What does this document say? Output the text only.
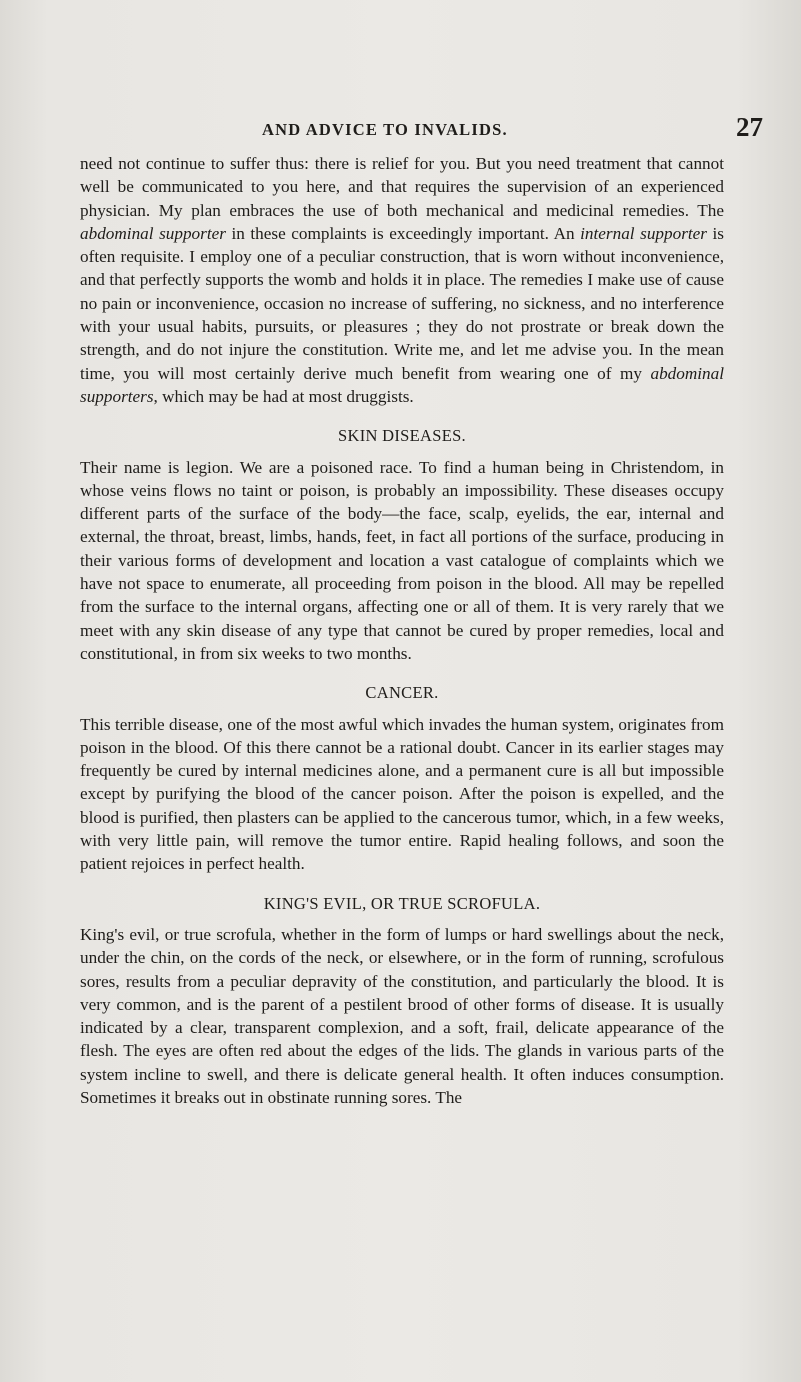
AND ADVICE TO INVALIDS.	27

need not continue to suffer thus: there is relief for you. But you need treatment that cannot well be communicated to you here, and that requires the supervision of an experienced physician. My plan embraces the use of both mechanical and medicinal remedies. The abdominal supporter in these complaints is exceedingly important. An internal supporter is often requisite. I employ one of a peculiar construction, that is worn without inconvenience, and that perfectly supports the womb and holds it in place. The remedies I make use of cause no pain or inconvenience, occasion no increase of suffering, no sickness, and no interference with your usual habits, pursuits, or pleasures ; they do not prostrate or break down the strength, and do not injure the constitution. Write me, and let me advise you. In the mean time, you will most certainly derive much benefit from wearing one of my abdominal supporters, which may be had at most druggists.

SKIN DISEASES.

Their name is legion. We are a poisoned race. To find a human being in Christendom, in whose veins flows no taint or poison, is probably an impossibility. These diseases occupy different parts of the surface of the body—the face, scalp, eyelids, the ear, internal and external, the throat, breast, limbs, hands, feet, in fact all portions of the surface, producing in their various forms of development and location a vast catalogue of complaints which we have not space to enumerate, all proceeding from poison in the blood. All may be repelled from the surface to the internal organs, affecting one or all of them. It is very rarely that we meet with any skin disease of any type that cannot be cured by proper remedies, local and constitutional, in from six weeks to two months.

CANCER.

This terrible disease, one of the most awful which invades the human system, originates from poison in the blood. Of this there cannot be a rational doubt. Cancer in its earlier stages may frequently be cured by internal medicines alone, and a permanent cure is all but impossible except by purifying the blood of the cancer poison. After the poison is expelled, and the blood is purified, then plasters can be applied to the cancerous tumor, which, in a few weeks, with very little pain, will remove the tumor entire. Rapid healing follows, and soon the patient rejoices in perfect health.

KING'S EVIL, OR TRUE SCROFULA.

King's evil, or true scrofula, whether in the form of lumps or hard swellings about the neck, under the chin, on the cords of the neck, or elsewhere, or in the form of running, scrofulous sores, results from a peculiar depravity of the constitution, and particularly the blood. It is very common, and is the parent of a pestilent brood of other forms of disease. It is usually indicated by a clear, transparent complexion, and a soft, frail, delicate appearance of the flesh. The eyes are often red about the edges of the lids. The glands in various parts of the system incline to swell, and there is delicate general health. It often induces consumption. Sometimes it breaks out in obstinate running sores. The
